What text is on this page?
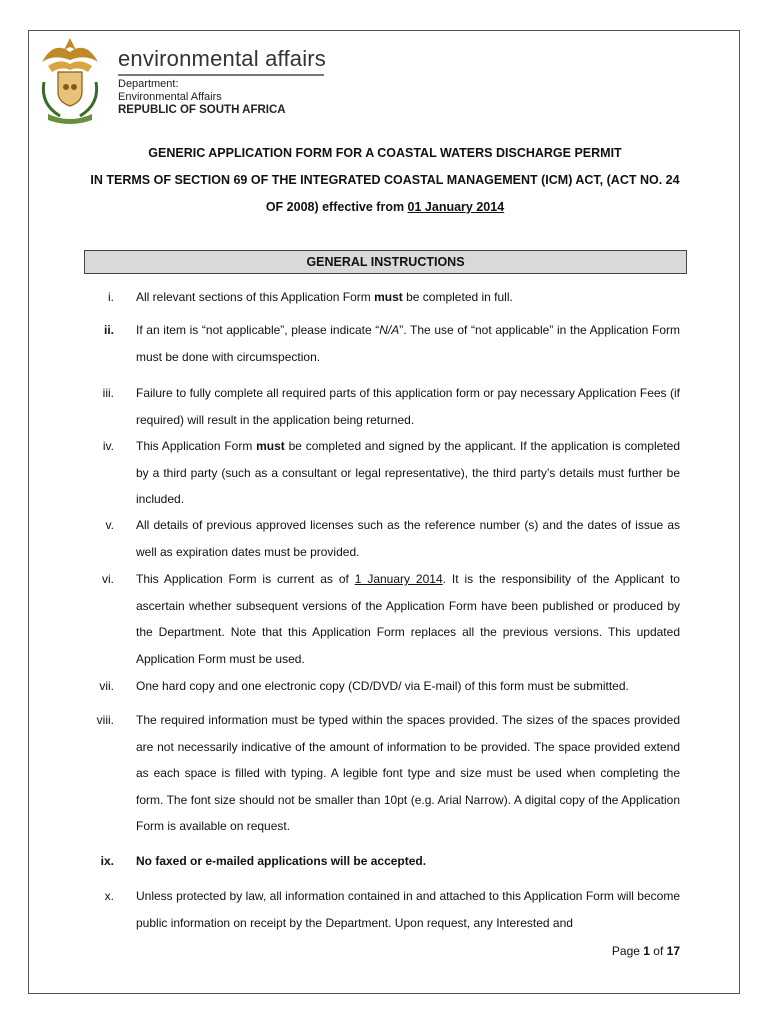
environmental affairs
Department:
Environmental Affairs
REPUBLIC OF SOUTH AFRICA
GENERIC APPLICATION FORM FOR A COASTAL WATERS DISCHARGE PERMIT
IN TERMS OF SECTION 69 OF THE INTEGRATED COASTAL MANAGEMENT (ICM) ACT, (ACT NO. 24
OF 2008) effective from 01 January 2014
GENERAL INSTRUCTIONS
i. All relevant sections of this Application Form must be completed in full.
ii. If an item is “not applicable”, please indicate “N/A”. The use of “not applicable” in the Application Form must be done with circumspection.
iii. Failure to fully complete all required parts of this application form or pay necessary Application Fees (if required) will result in the application being returned.
iv. This Application Form must be completed and signed by the applicant. If the application is completed by a third party (such as a consultant or legal representative), the third party’s details must further be included.
v. All details of previous approved licenses such as the reference number (s) and the dates of issue as well as expiration dates must be provided.
vi. This Application Form is current as of 1 January 2014. It is the responsibility of the Applicant to ascertain whether subsequent versions of the Application Form have been published or produced by the Department. Note that this Application Form replaces all the previous versions. This updated Application Form must be used.
vii. One hard copy and one electronic copy (CD/DVD/ via E-mail) of this form must be submitted.
viii. The required information must be typed within the spaces provided. The sizes of the spaces provided are not necessarily indicative of the amount of information to be provided. The space provided extend as each space is filled with typing. A legible font type and size must be used when completing the form. The font size should not be smaller than 10pt (e.g. Arial Narrow). A digital copy of the Application Form is available on request.
ix. No faxed or e-mailed applications will be accepted.
x. Unless protected by law, all information contained in and attached to this Application Form will become public information on receipt by the Department. Upon request, any Interested and
Page 1 of 17
